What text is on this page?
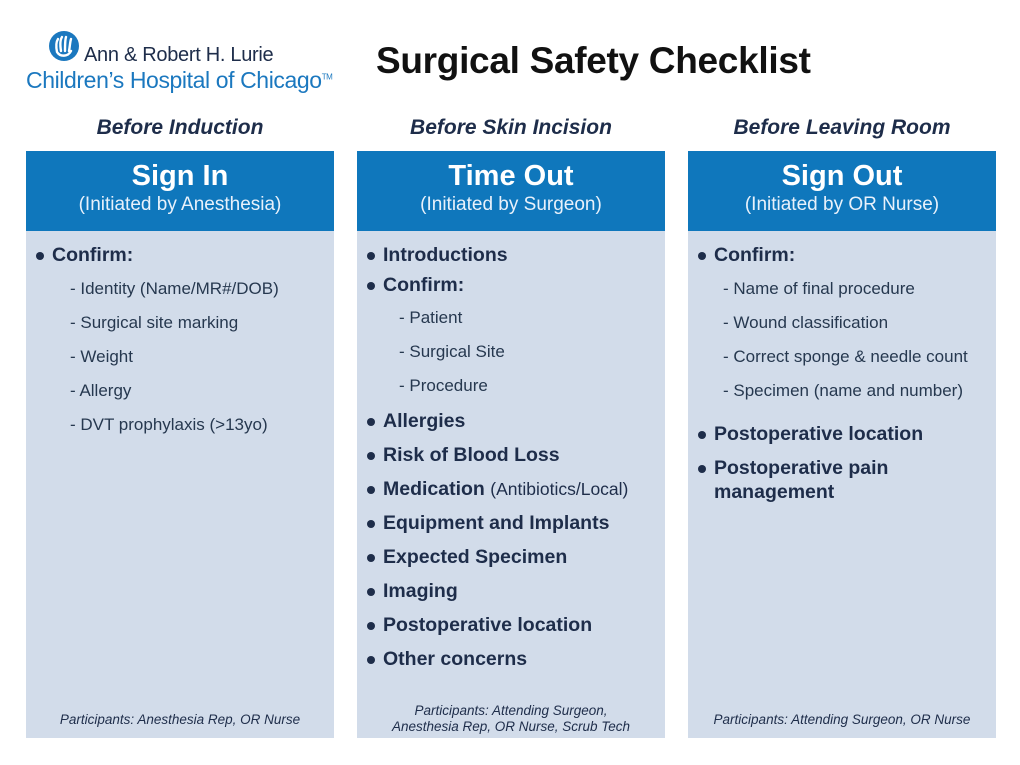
Ann & Robert H. Lurie
Children’s Hospital of Chicago™ Surgical Safety Checklist
Before Induction
Sign In
(Initiated by Anesthesia)
Confirm:
- Identity (Name/MR#/DOB)
- Surgical site marking
- Weight
- Allergy
- DVT prophylaxis (>13yo)
Participants: Anesthesia Rep, OR Nurse
Before Skin Incision
Time Out
(Initiated by Surgeon)
Introductions
Confirm:
- Patient
- Surgical Site
- Procedure
Allergies
Risk of Blood Loss
Medication (Antibiotics/Local)
Equipment and Implants
Expected Specimen
Imaging
Postoperative location
Other concerns
Participants: Attending Surgeon,
Anesthesia Rep, OR Nurse, Scrub Tech
Before Leaving Room
Sign Out
(Initiated by OR Nurse)
Confirm:
- Name of final procedure
- Wound classification
- Correct sponge & needle count
- Specimen (name and number)
Postoperative location
Postoperative pain
management
Participants: Attending Surgeon, OR Nurse
